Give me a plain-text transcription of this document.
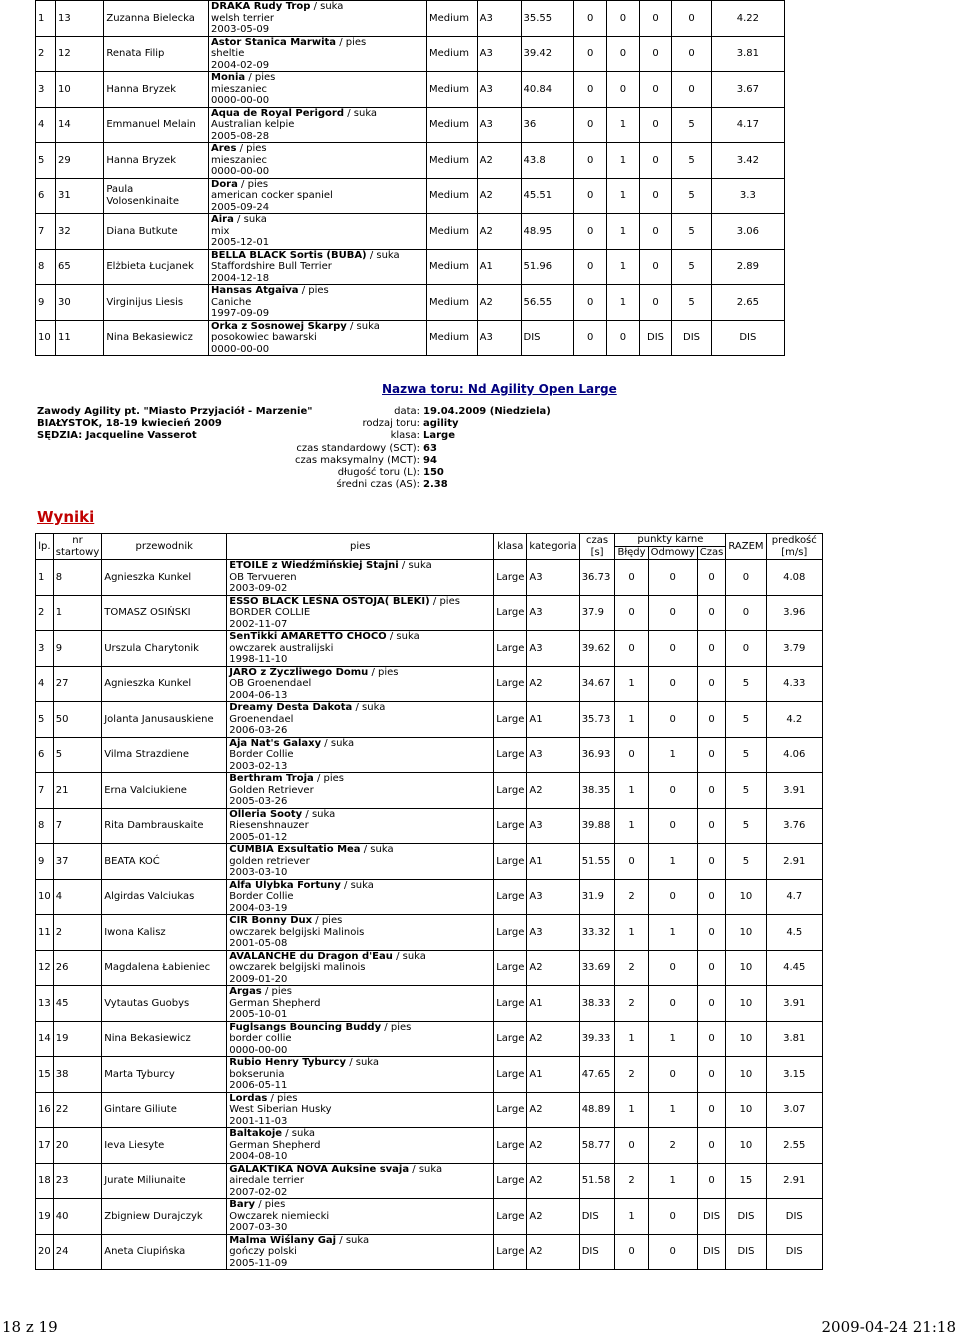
1	13	Zuzanna Bielecka	DRAKA Rudy Trop / suka
welsh terrier
2003-05-09	Medium	A3	35.55	0	0	0	0	4.22
2	12	Renata Filip	Astor Stanica Marwita / pies
sheltie
2004-02-09	Medium	A3	39.42	0	0	0	0	3.81
3	10	Hanna Bryzek	Monia / pies
mieszaniec
0000-00-00	Medium	A3	40.84	0	0	0	0	3.67
4	14	Emmanuel Melain	Aqua de Royal Perigord / suka
Australian kelpie
2005-08-28	Medium	A3	36	0	1	0	5	4.17
5	29	Hanna Bryzek	Ares / pies
mieszaniec
0000-00-00	Medium	A2	43.8	0	1	0	5	3.42
6	31	Paula Volosenkinaite	Dora / pies
american cocker spaniel
2005-09-24	Medium	A2	45.51	0	1	0	5	3.3
7	32	Diana Butkute	Aira / suka
mix
2005-12-01	Medium	A2	48.95	0	1	0	5	3.06
8	65	Elżbieta Łucjanek	BELLA BLACK Sortis (BUBA) / suka
Staffordshire Bull Terrier
2004-12-18	Medium	A1	51.96	0	1	0	5	2.89
9	30	Virginijus Liesis	Hansas Atgaiva / pies
Caniche
1997-09-09	Medium	A2	56.55	0	1	0	5	2.65
10	11	Nina Bekasiewicz	Orka z Sosnowej Skarpy / suka
posokowiec bawarski
0000-00-00	Medium	A3	DIS	0	0	DIS	DIS	DIS
Nazwa toru: Nd Agility Open Large
Zawody Agility pt. "Miasto Przyjaciół - Marzenie"
BIAŁYSTOK, 18-19 kwiecień 2009
SĘDZIA: Jacqueline Vasserot
data: 19.04.2009 (Niedziela)
rodzaj toru: agility
klasa: Large
czas standardowy (SCT): 63
czas maksymalny (MCT): 94
długość toru (L): 150
średni czas (AS): 2.38
Wyniki
lp.	nr startowy	przewodnik	pies	klasa	kategoria	czas [s]	punkty karne			RAZEM	predkość [m/s]
							Błędy	Odmowy	Czas		
1	8	Agnieszka Kunkel	ETOILE z Wiedźmińskiej Stajni / suka
OB Tervueren
2003-09-02	Large	A3	36.73	0	0	0	0	4.08
2	1	TOMASZ OSIŃSKI	ESSO BLACK LEŚNA OSTOJA( BLEKI) / pies
BORDER COLLIE
2002-11-07	Large	A3	37.9	0	0	0	0	3.96
3	9	Urszula Charytonik	SenTikki AMARETTO CHOCO / suka
owczarek australijski
1998-11-10	Large	A3	39.62	0	0	0	0	3.79
4	27	Agnieszka Kunkel	JARO z Życzliwego Domu / pies
OB Groenendael
2004-06-13	Large	A2	34.67	1	0	0	5	4.33
5	50	Jolanta Janusauskiene	Dreamy Desta Dakota / suka
Groenendael
2006-03-26	Large	A1	35.73	1	0	0	5	4.2
6	5	Vilma Strazdiene	Aja Nat's Galaxy / suka
Border Collie
2003-02-13	Large	A3	36.93	0	1	0	5	4.06
7	21	Erna Valciukiene	Berthram Troja / pies
Golden Retriever
2005-03-26	Large	A2	38.35	1	0	0	5	3.91
8	7	Rita Dambrauskaite	Olleria Sooty / suka
Riesenshnauzer
2005-01-12	Large	A3	39.88	1	0	0	5	3.76
9	37	BEATA KOĆ	CUMBIA Exsultatio Mea / suka
golden retriever
2003-03-10	Large	A1	51.55	0	1	0	5	2.91
10	4	Algirdas Valciukas	Alfa Ulybka Fortuny / suka
Border Collie
2004-03-19	Large	A3	31.9	2	0	0	10	4.7
11	2	Iwona Kalisz	CIR Bonny Dux / pies
owczarek belgijski Malinois
2001-05-08	Large	A3	33.32	1	1	0	10	4.5
12	26	Magdalena Łabieniec	AVALANCHE du Dragon d'Eau / suka
owczarek belgijski malinois
2009-01-20	Large	A2	33.69	2	0	0	10	4.45
13	45	Vytautas Guobys	Argas / pies
German Shepherd
2005-10-01	Large	A1	38.33	2	0	0	10	3.91
14	19	Nina Bekasiewicz	Fuglsangs Bouncing Buddy / pies
border collie
0000-00-00	Large	A2	39.33	1	1	0	10	3.81
15	38	Marta Tyburcy	Rubio Henry Tyburcy / suka
bokserunia
2006-05-11	Large	A1	47.65	2	0	0	10	3.15
16	22	Gintare Giliute	Lordas / pies
West Siberian Husky
2001-11-03	Large	A2	48.89	1	1	0	10	3.07
17	20	Ieva Liesyte	Baltakoje / suka
German Shepherd
2004-08-10	Large	A2	58.77	0	2	0	10	2.55
18	23	Jurate Miliunaite	GALAKTIKA NOVA Auksine svaja / suka
airedale terrier
2007-02-02	Large	A2	51.58	2	1	0	15	2.91
19	40	Zbigniew Durajczyk	Bary / pies
Owczarek niemiecki
2007-03-30	Large	A2	DIS	1	0	DIS	DIS	DIS
20	24	Aneta Ciupińska	Malma Wiślany Gaj / suka
gończy polski
2005-11-09	Large	A2	DIS	0	0	DIS	DIS	DIS
18 z 19	2009-04-24 21:18
